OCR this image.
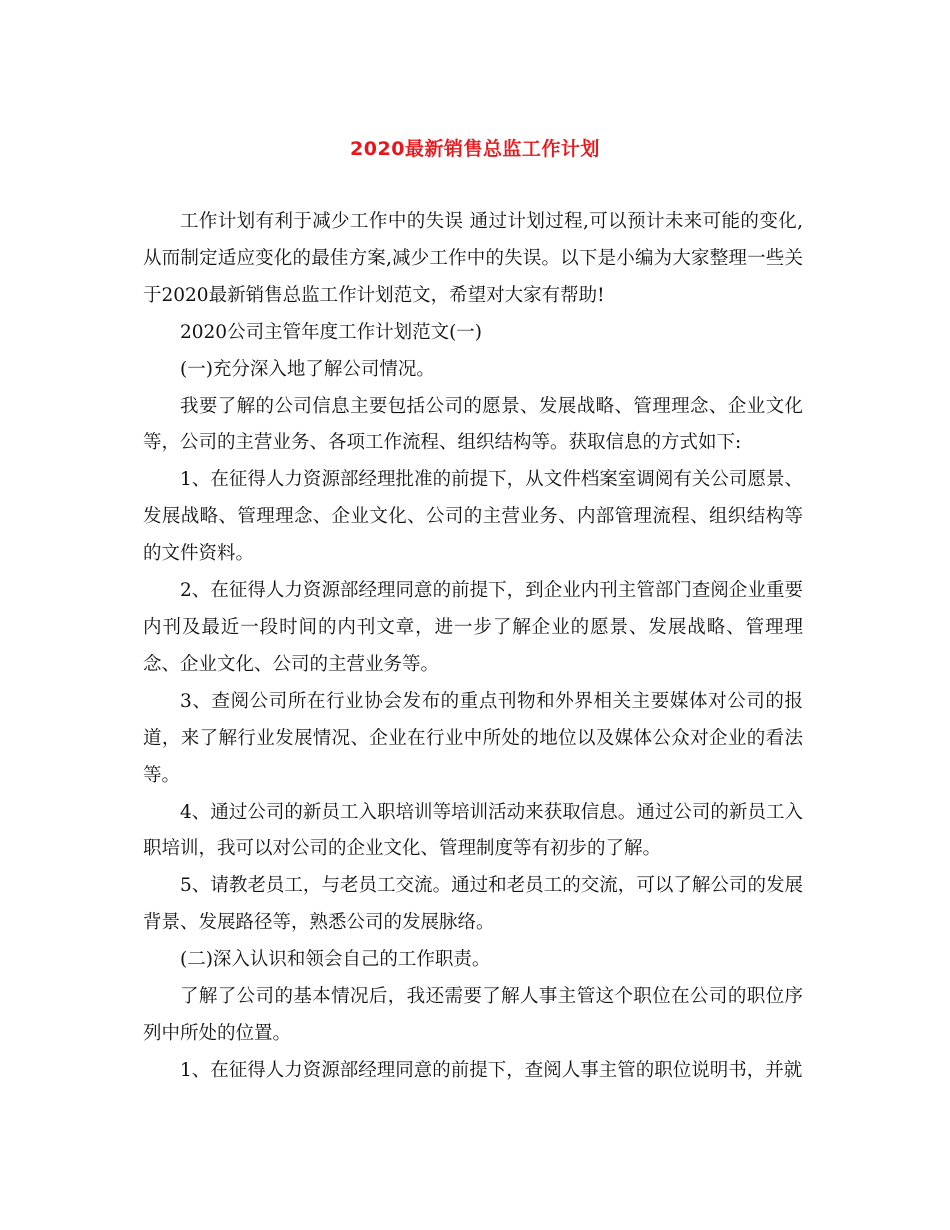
2020最新销售总监工作计划

工作计划有利于减少工作中的失误 通过计划过程,可以预计未来可能的变化,从而制定适应变化的最佳方案,减少工作中的失误。以下是小编为大家整理一些关于2020最新销售总监工作计划范文，希望对大家有帮助!

2020公司主管年度工作计划范文(一)

(一)充分深入地了解公司情况。

我要了解的公司信息主要包括公司的愿景、发展战略、管理理念、企业文化等，公司的主营业务、各项工作流程、组织结构等。获取信息的方式如下:

1、在征得人力资源部经理批准的前提下，从文件档案室调阅有关公司愿景、发展战略、管理理念、企业文化、公司的主营业务、内部管理流程、组织结构等的文件资料。

2、在征得人力资源部经理同意的前提下，到企业内刊主管部门查阅企业重要内刊及最近一段时间的内刊文章，进一步了解企业的愿景、发展战略、管理理念、企业文化、公司的主营业务等。

3、查阅公司所在行业协会发布的重点刊物和外界相关主要媒体对公司的报道，来了解行业发展情况、企业在行业中所处的地位以及媒体公众对企业的看法等。

4、通过公司的新员工入职培训等培训活动来获取信息。通过公司的新员工入职培训，我可以对公司的企业文化、管理制度等有初步的了解。

5、请教老员工，与老员工交流。通过和老员工的交流，可以了解公司的发展背景、发展路径等，熟悉公司的发展脉络。

(二)深入认识和领会自己的工作职责。

了解了公司的基本情况后，我还需要了解人事主管这个职位在公司的职位序列中所处的位置。

1、在征得人力资源部经理同意的前提下，查阅人事主管的职位说明书，并就
